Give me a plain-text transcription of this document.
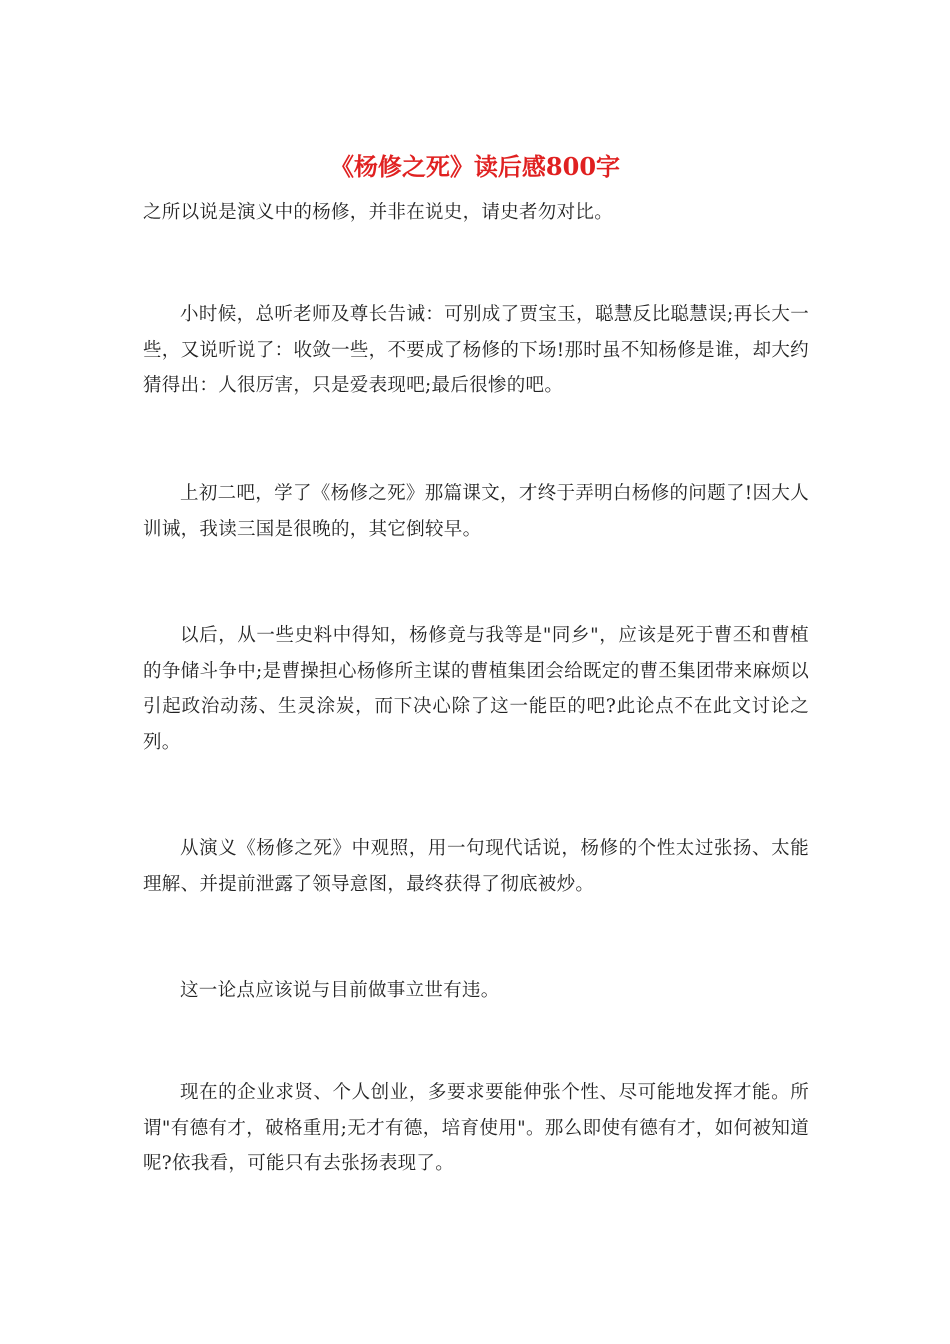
《杨修之死》读后感800字

之所以说是演义中的杨修，并非在说史，请史者勿对比。

小时候，总听老师及尊长告诫：可别成了贾宝玉，聪慧反比聪慧误;再长大一些，又说听说了：收敛一些，不要成了杨修的下场!那时虽不知杨修是谁，却大约猜得出：人很厉害，只是爱表现吧;最后很惨的吧。

上初二吧，学了《杨修之死》那篇课文，才终于弄明白杨修的问题了!因大人训诫，我读三国是很晚的，其它倒较早。

以后，从一些史料中得知，杨修竟与我等是"同乡"，应该是死于曹丕和曹植的争储斗争中;是曹操担心杨修所主谋的曹植集团会给既定的曹丕集团带来麻烦以引起政治动荡、生灵涂炭，而下决心除了这一能臣的吧?此论点不在此文讨论之列。

从演义《杨修之死》中观照，用一句现代话说，杨修的个性太过张扬、太能理解、并提前泄露了领导意图，最终获得了彻底被炒。

这一论点应该说与目前做事立世有违。

现在的企业求贤、个人创业，多要求要能伸张个性、尽可能地发挥才能。所谓"有德有才，破格重用;无才有德，培育使用"。那么即使有德有才，如何被知道呢?依我看，可能只有去张扬表现了。
